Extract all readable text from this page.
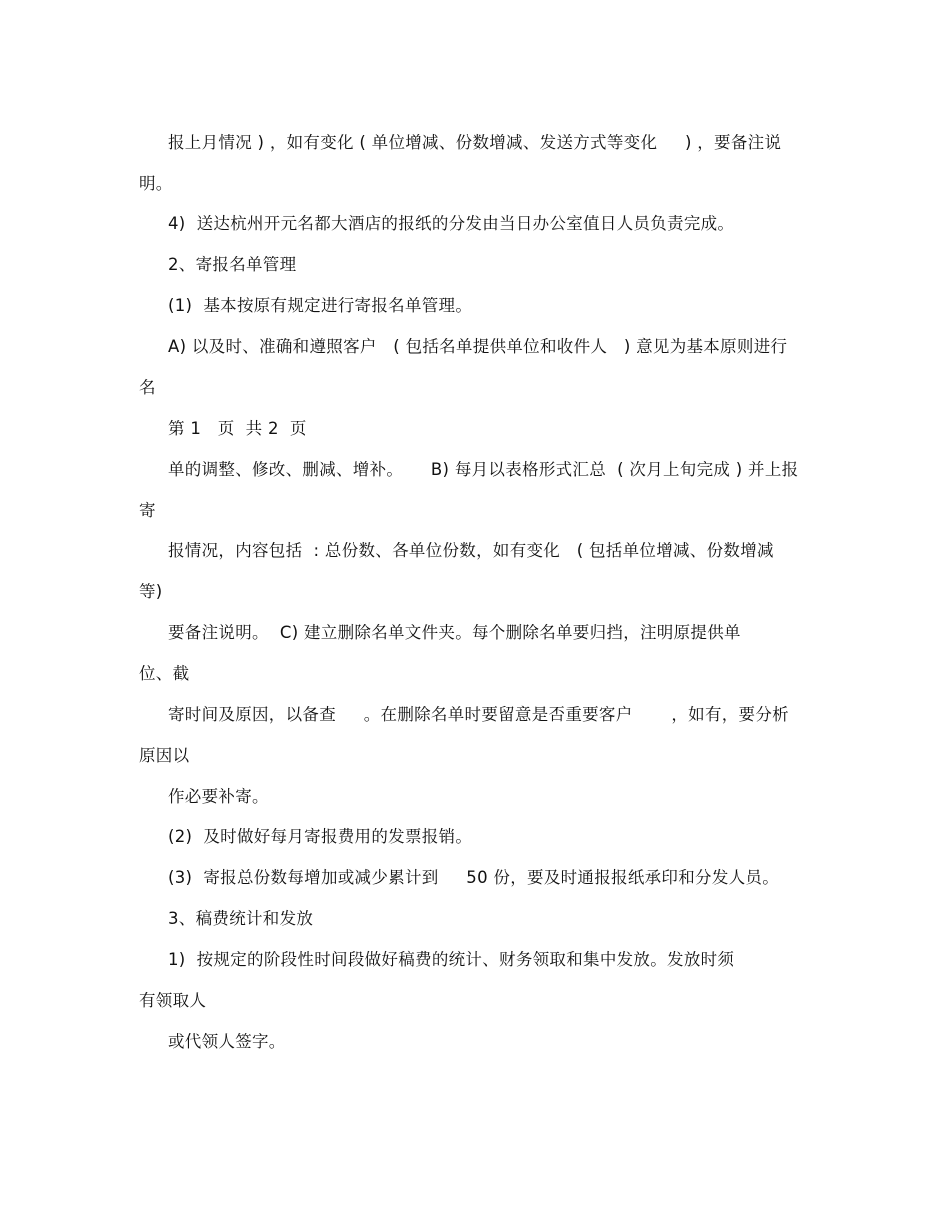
报上月情况 ) ，如有变化 ( 单位增减、份数增减、发送方式等变化     ) ，要备注说
明。
4)  送达杭州开元名都大酒店的报纸的分发由当日办公室值日人员负责完成。
2、寄报名单管理
(1)  基本按原有规定进行寄报名单管理。
A) 以及时、准确和遵照客户   ( 包括名单提供单位和收件人   ) 意见为基本原则进行
名
第 1   页  共 2  页
单的调整、修改、删减、增补。     B) 每月以表格形式汇总  ( 次月上旬完成 ) 并上报
寄
报情况，内容包括  : 总份数、各单位份数，如有变化   ( 包括单位增减、份数增减
等)
要备注说明。  C) 建立删除名单文件夹。每个删除名单要归挡，注明原提供单
位、截
寄时间及原因，以备查     。在删除名单时要留意是否重要客户       ，如有，要分析
原因以
作必要补寄。
(2)  及时做好每月寄报费用的发票报销。
(3)  寄报总份数每增加或减少累计到     50 份，要及时通报报纸承印和分发人员。
3、稿费统计和发放
1)  按规定的阶段性时间段做好稿费的统计、财务领取和集中发放。发放时须
有领取人
或代领人签字。
